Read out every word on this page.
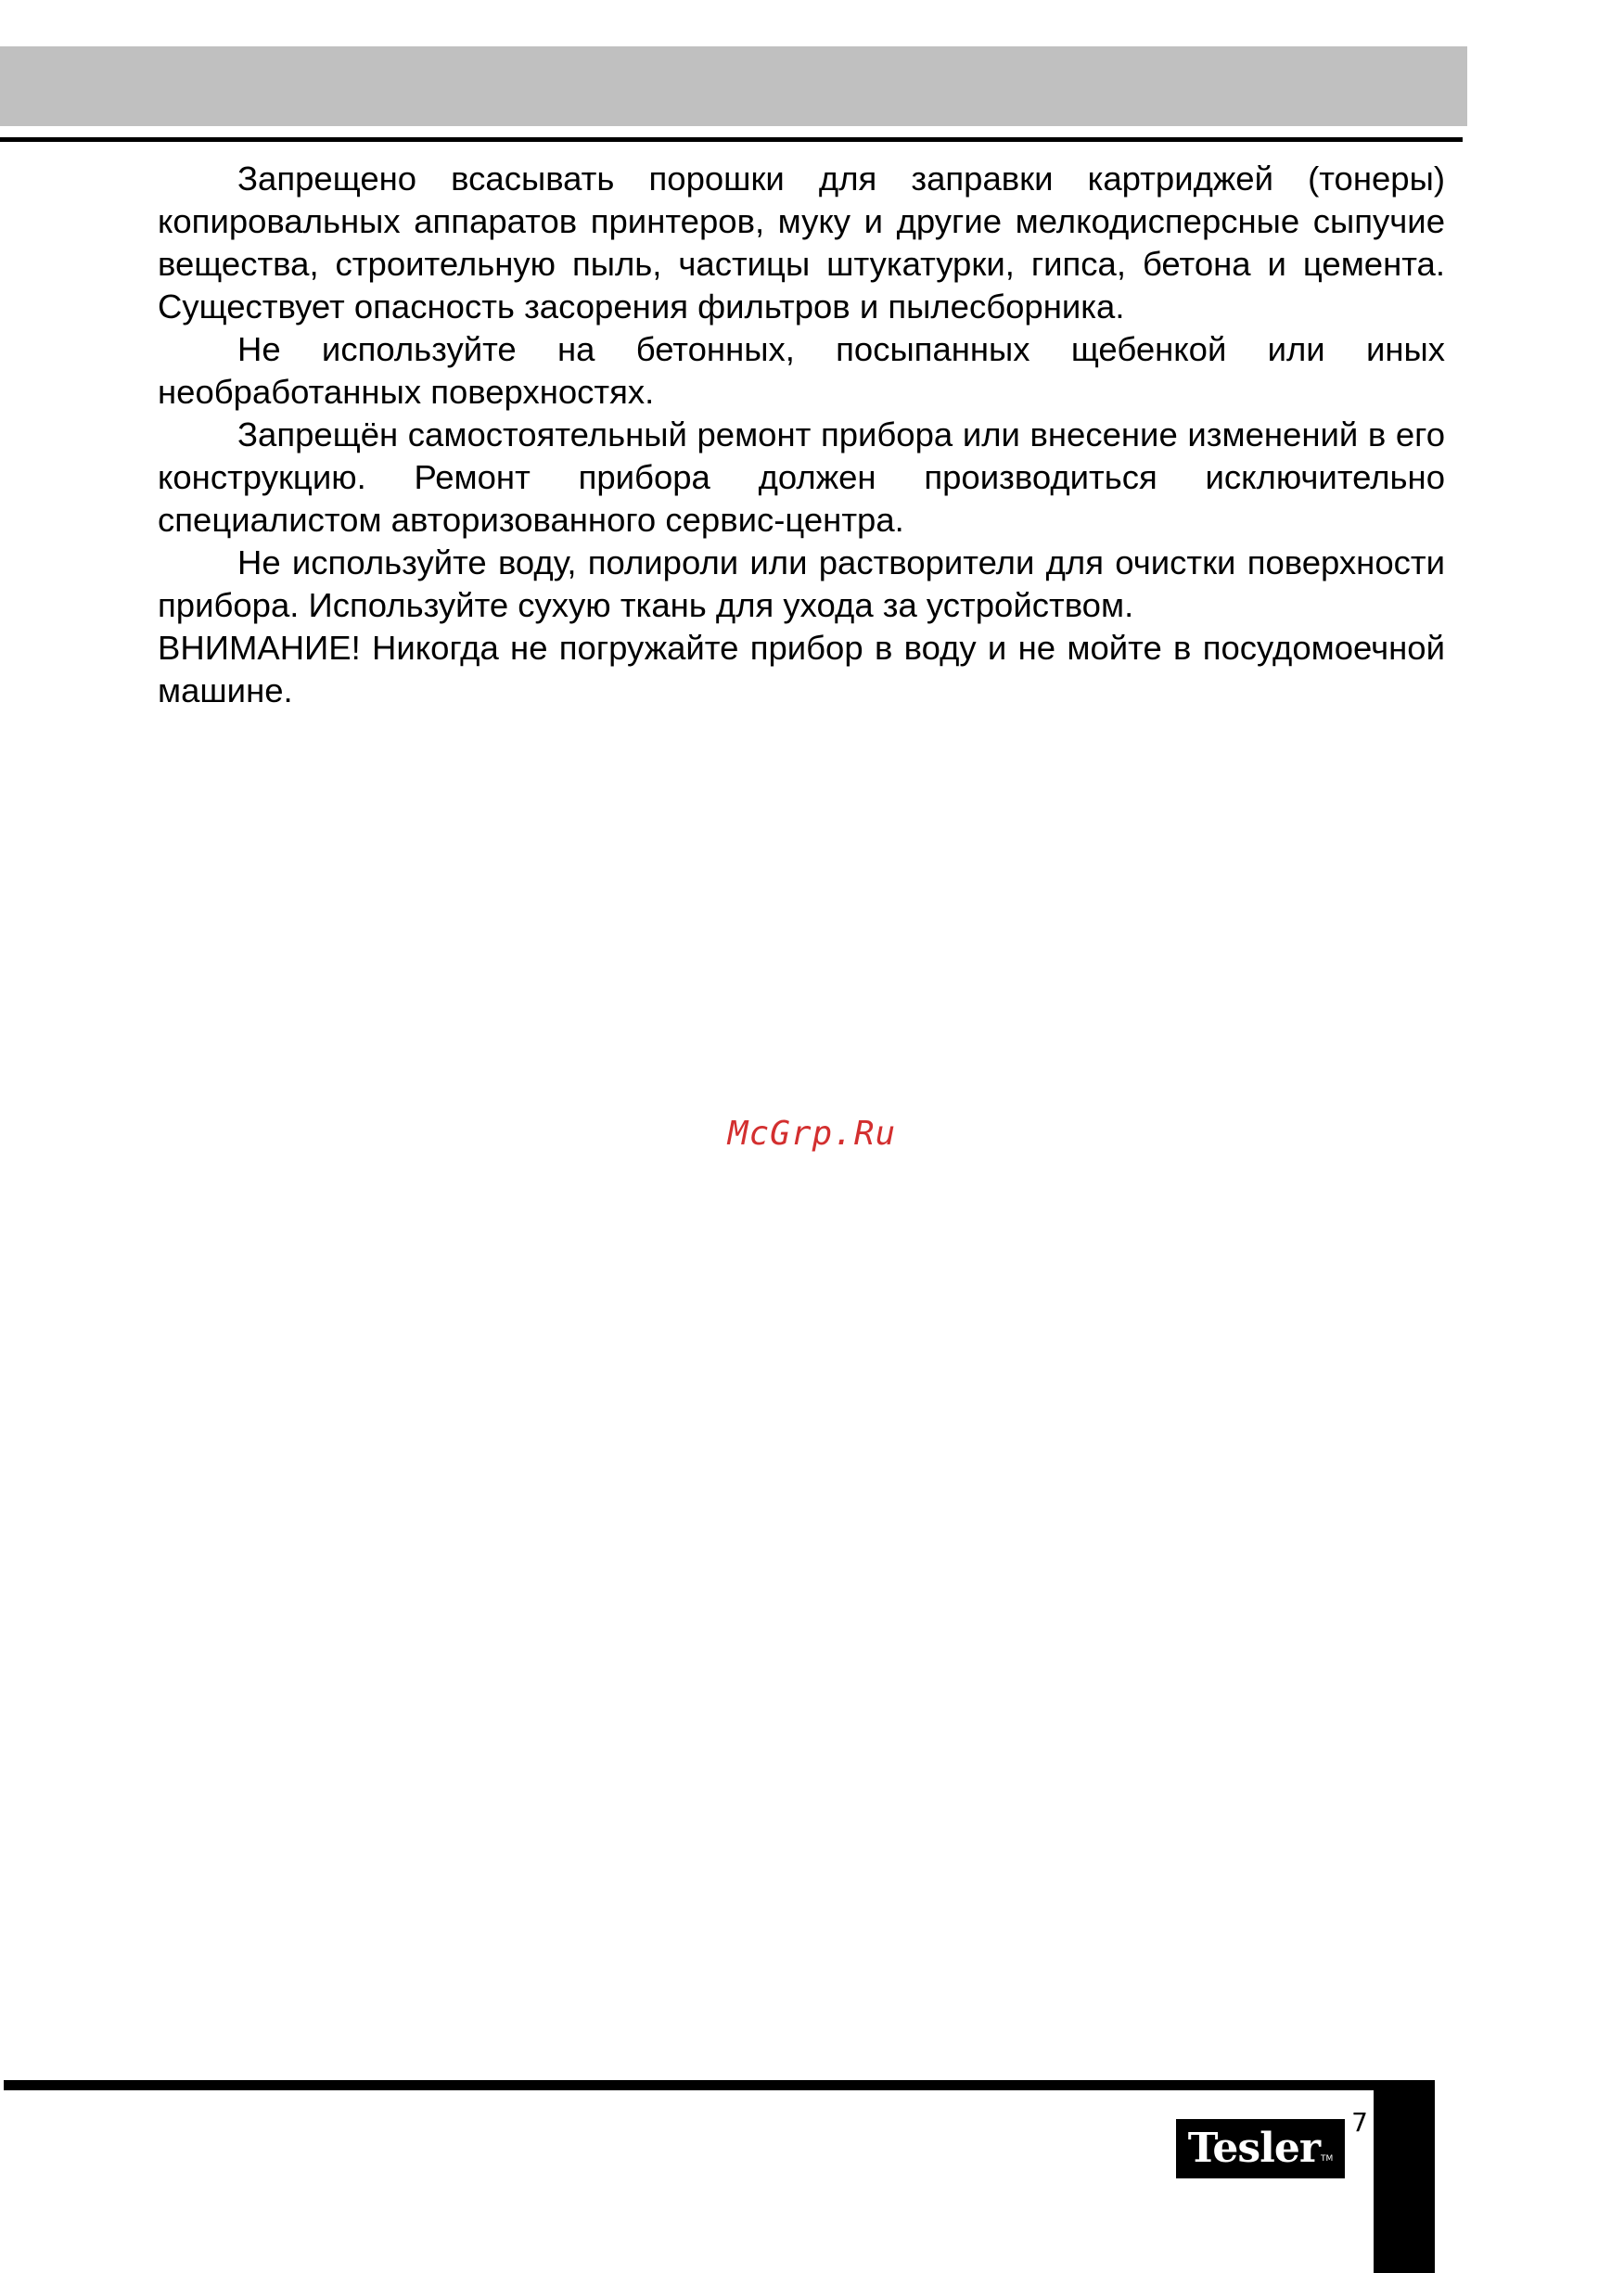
Запрещено всасывать порошки для заправки картриджей (тонеры) копировальных аппаратов принтеров, муку и другие мелкодисперсные сыпучие вещества, строительную пыль, частицы штукатурки, гипса, бетона и цемента. Существует опасность засорения фильтров и пылесборника.

Не используйте на бетонных, посыпанных щебенкой или иных необработанных поверхностях.

Запрещён самостоятельный ремонт прибора или внесение изменений в его конструкцию. Ремонт прибора должен производиться исключительно специалистом авторизованного сервис-центра.

Не используйте воду, полироли или растворители для очистки поверхности прибора. Используйте сухую ткань для ухода за устройством.

ВНИМАНИЕ! Никогда не погружайте прибор в воду и не мойте в посудомоечной машине.

McGrp.Ru
Tesler TM
7
